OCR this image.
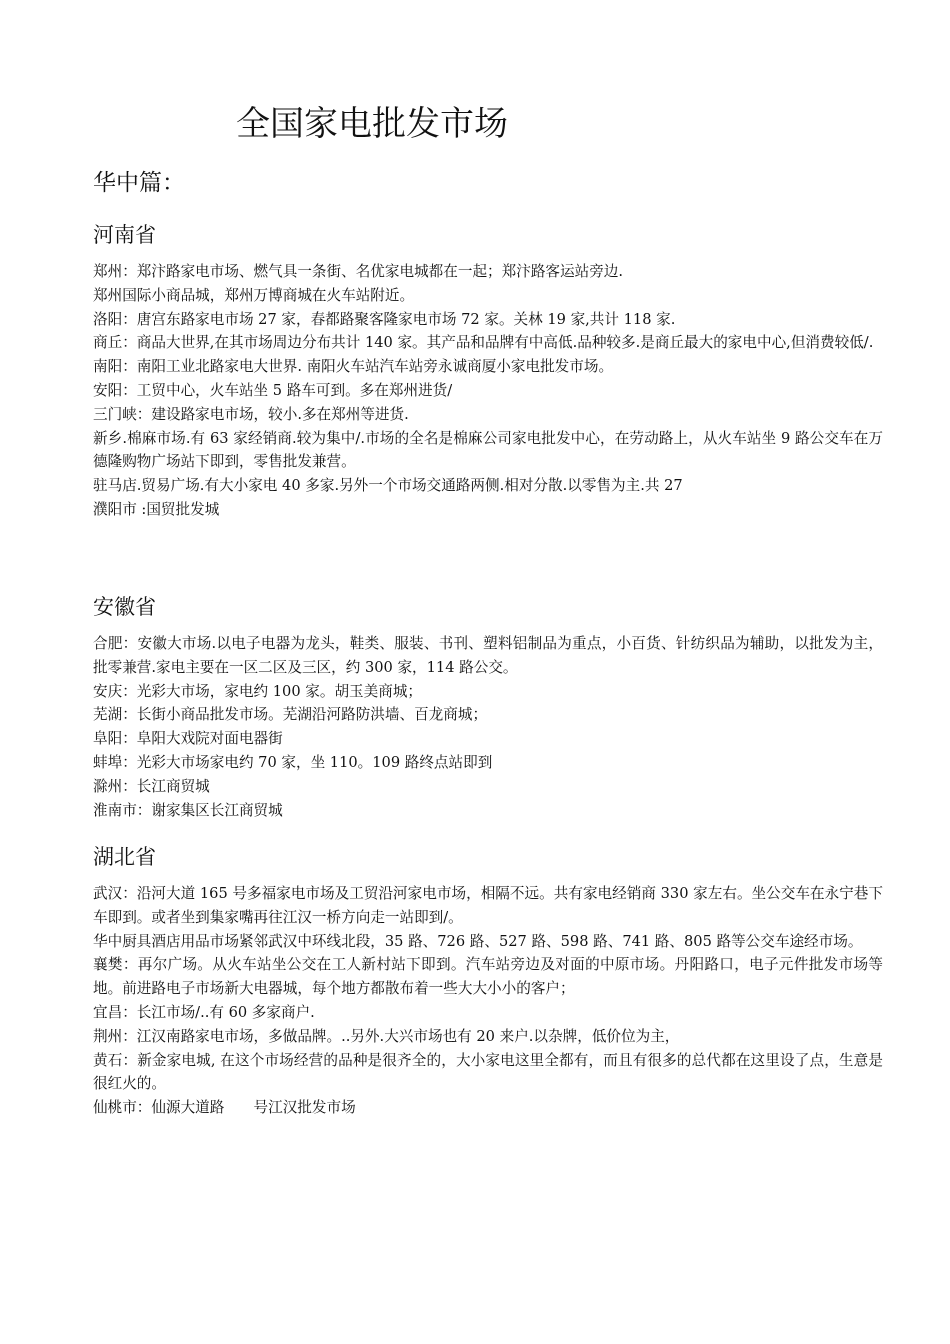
全国家电批发市场
华中篇：
河南省
郑州：郑汴路家电市场、燃气具一条街、名优家电城都在一起；郑汴路客运站旁边.
郑州国际小商品城，郑州万博商城在火车站附近。
洛阳：唐宫东路家电市场 27 家，春都路聚客隆家电市场 72 家。关林 19 家,共计 118 家.
商丘：商品大世界,在其市场周边分布共计 140 家。其产品和品牌有中高低.品种较多.是商丘最大的家电中心,但消费较低/.
南阳：南阳工业北路家电大世界. 南阳火车站汽车站旁永诚商厦小家电批发市场。
安阳：工贸中心，火车站坐 5 路车可到。多在郑州进货/
三门峡：建设路家电市场，较小.多在郑州等进货.
新乡.棉麻市场.有 63 家经销商.较为集中/.市场的全名是棉麻公司家电批发中心，在劳动路上，从火车站坐 9 路公交车在万德隆购物广场站下即到，零售批发兼营。
驻马店.贸易广场.有大小家电 40 多家.另外一个市场交通路两侧.相对分散.以零售为主.共 27
濮阳市 :国贸批发城
安徽省
合肥：安徽大市场.以电子电器为龙头，鞋类、服装、书刊、塑料铝制品为重点，小百货、针纺织品为辅助，以批发为主，批零兼营.家电主要在一区二区及三区，约 300 家，114 路公交。
安庆：光彩大市场，家电约 100 家。胡玉美商城；
芜湖：长街小商品批发市场。芜湖沿河路防洪墙、百龙商城；
阜阳：阜阳大戏院对面电器街
蚌埠：光彩大市场家电约 70 家，坐 110。109 路终点站即到
滁州：长江商贸城
淮南市：谢家集区长江商贸城
湖北省
武汉：沿河大道 165 号多福家电市场及工贸沿河家电市场，相隔不远。共有家电经销商 330 家左右。坐公交车在永宁巷下车即到。或者坐到集家嘴再往江汉一桥方向走一站即到/。
华中厨具酒店用品市场紧邻武汉中环线北段，35 路、726 路、527 路、598 路、741 路、805 路等公交车途经市场。
襄樊：再尔广场。从火车站坐公交在工人新村站下即到。汽车站旁边及对面的中原市场。丹阳路口，电子元件批发市场等地。前进路电子市场新大电器城，每个地方都散布着一些大大小小的客户；
宜昌：长江市场/..有 60 多家商户.
荆州：江汉南路家电市场，多做品牌。..另外.大兴市场也有 20 来户.以杂牌，低价位为主，
黄石：新金家电城, 在这个市场经营的品种是很齐全的，大小家电这里全都有，而且有很多的总代都在这里设了点，生意是很红火的。
仙桃市：仙源大道路　　号江汉批发市场
